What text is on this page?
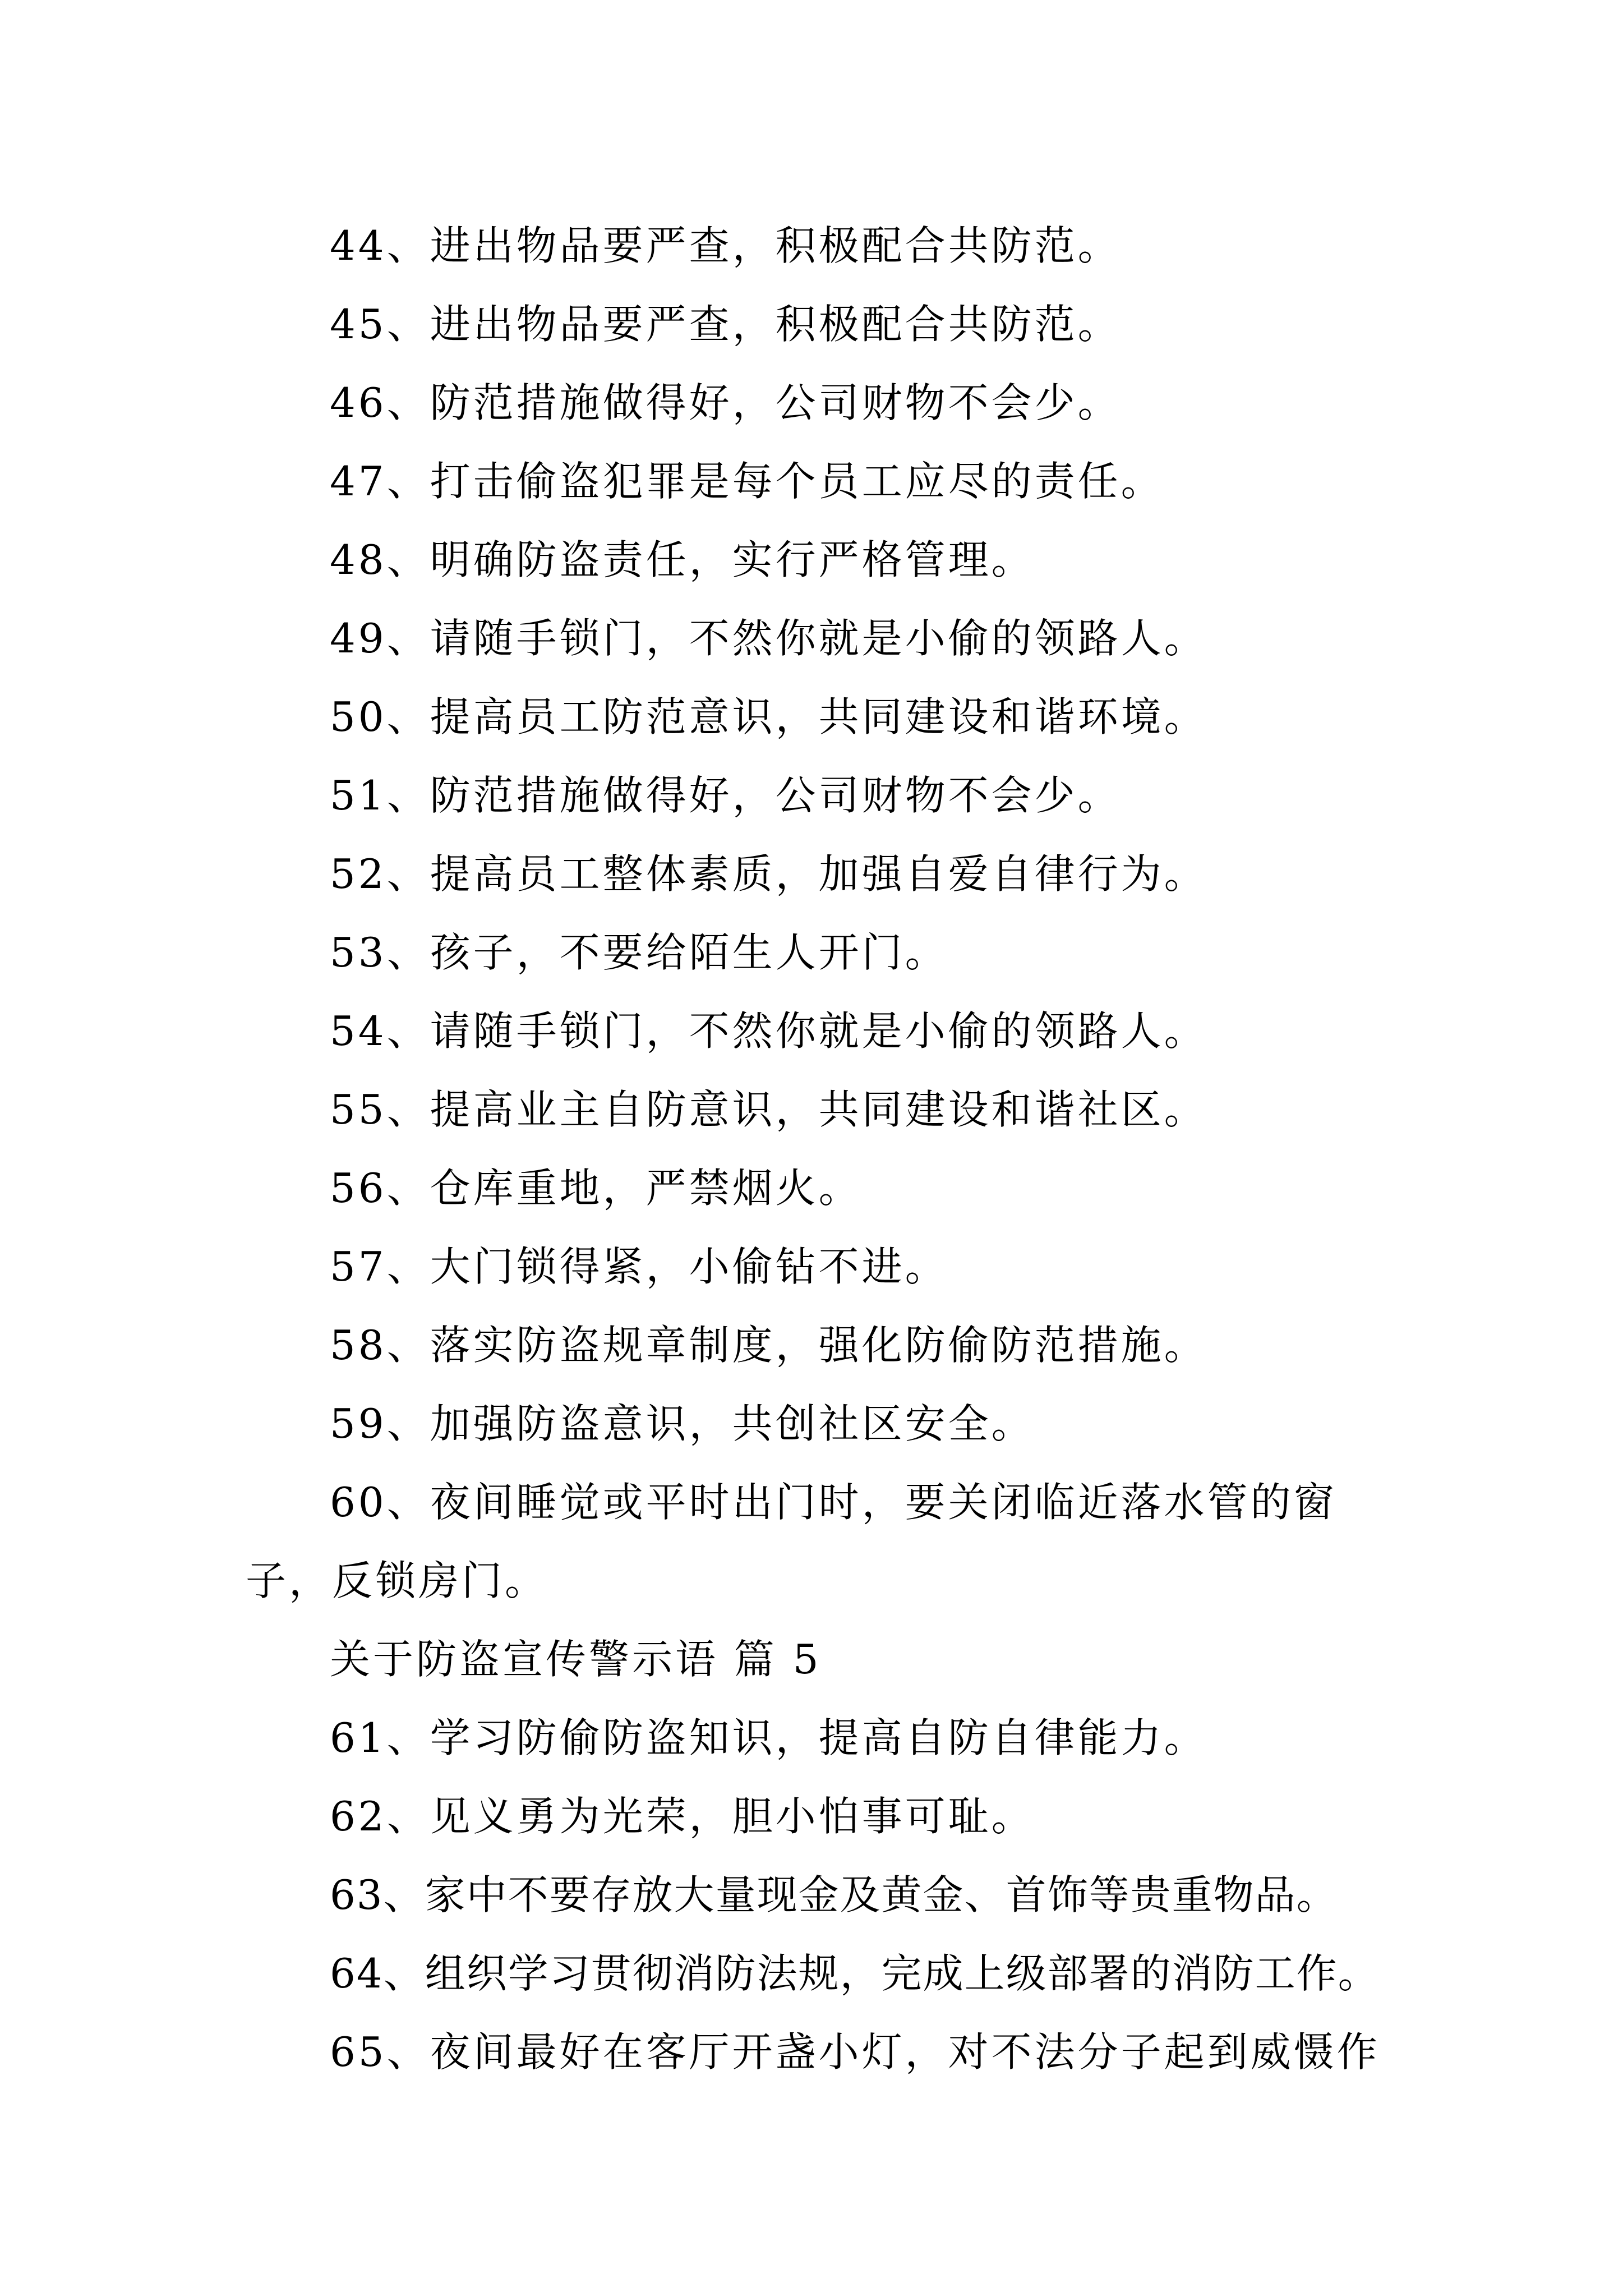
44、进出物品要严查，积极配合共防范。

45、进出物品要严查，积极配合共防范。

46、防范措施做得好，公司财物不会少。

47、打击偷盗犯罪是每个员工应尽的责任。

48、明确防盗责任，实行严格管理。

49、请随手锁门，不然你就是小偷的领路人。

50、提高员工防范意识，共同建设和谐环境。

51、防范措施做得好，公司财物不会少。

52、提高员工整体素质，加强自爱自律行为。

53、孩子，不要给陌生人开门。

54、请随手锁门，不然你就是小偷的领路人。

55、提高业主自防意识，共同建设和谐社区。

56、仓库重地，严禁烟火。

57、大门锁得紧，小偷钻不进。

58、落实防盗规章制度，强化防偷防范措施。

59、加强防盗意识，共创社区安全。

60、夜间睡觉或平时出门时，要关闭临近落水管的窗子，反锁房门。

关于防盗宣传警示语 篇 5

61、学习防偷防盗知识，提高自防自律能力。

62、见义勇为光荣，胆小怕事可耻。

63、家中不要存放大量现金及黄金、首饰等贵重物品。

64、组织学习贯彻消防法规，完成上级部署的消防工作。

65、夜间最好在客厅开盏小灯，对不法分子起到威慑作
